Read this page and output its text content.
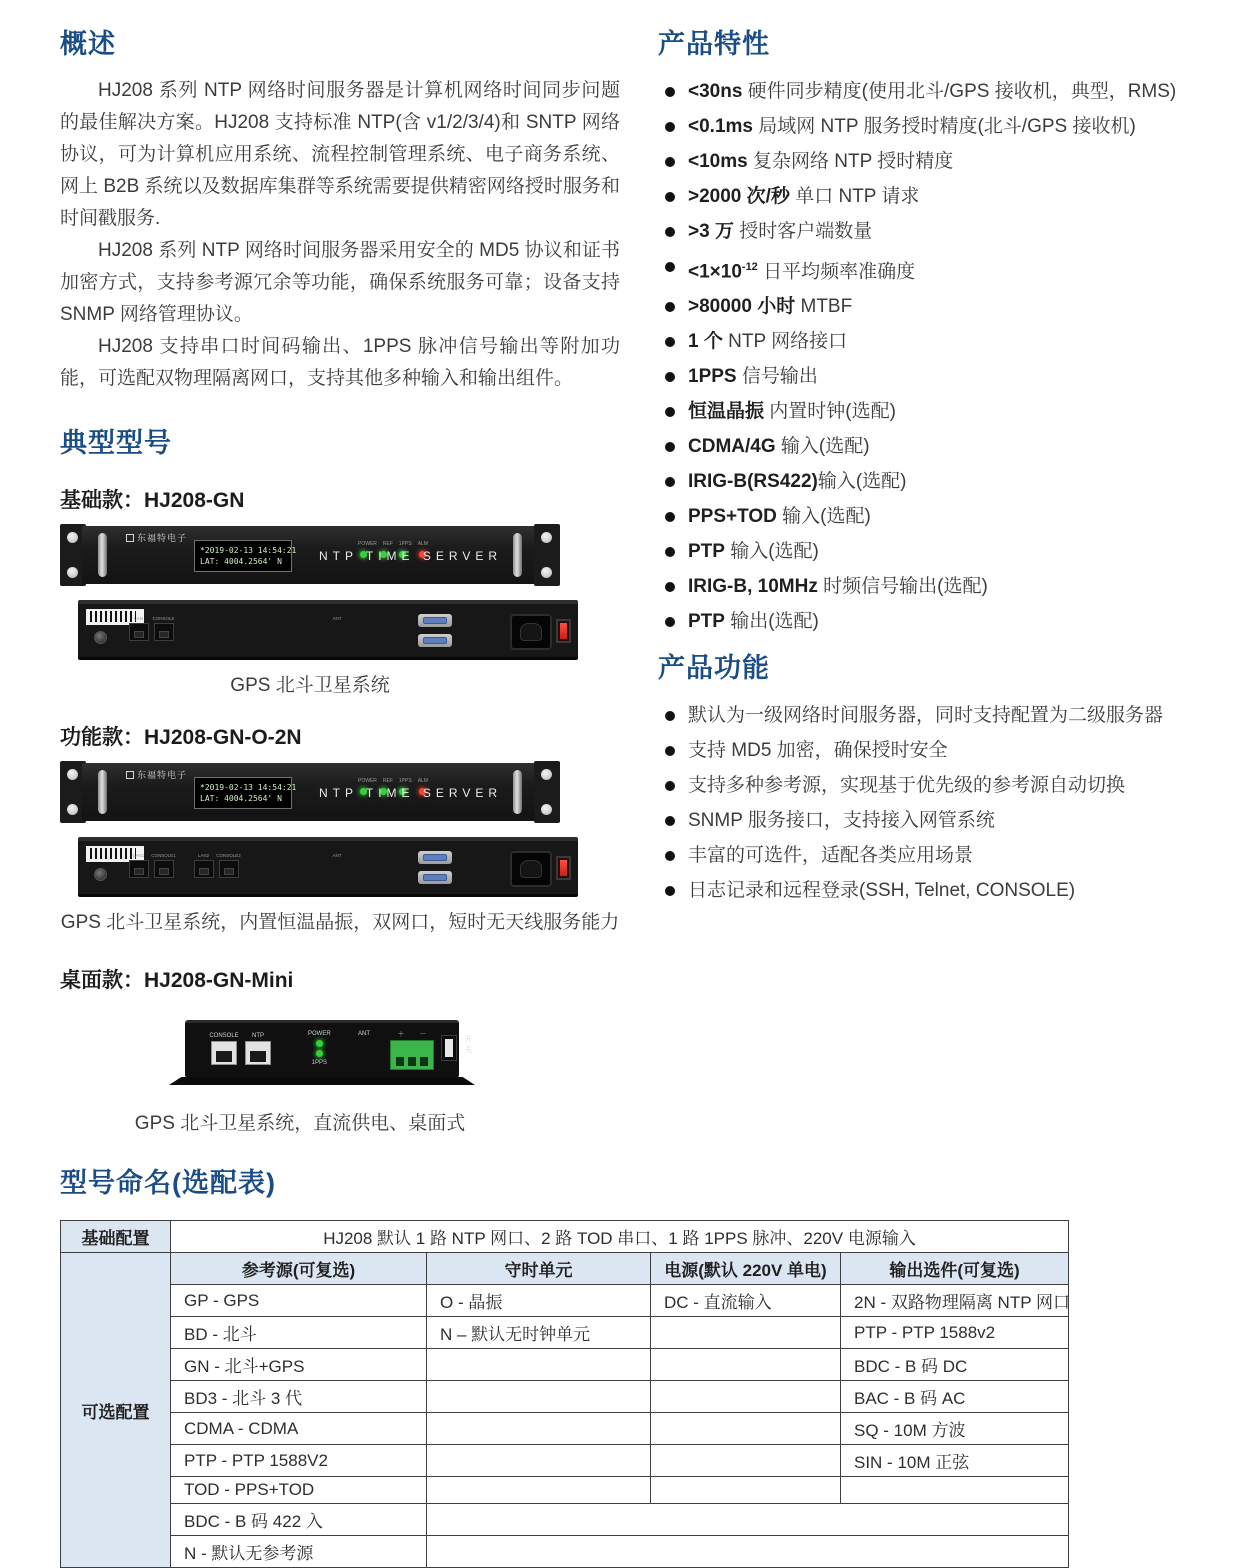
概述

HJ208 系列 NTP 网络时间服务器是计算机网络时间同步问题的最佳解决方案。HJ208 支持标准 NTP(含 v1/2/3/4)和 SNTP 网络协议，可为计算机应用系统、流程控制管理系统、电子商务系统、网上 B2B 系统以及数据库集群等系统需要提供精密网络授时服务和时间戳服务.

HJ208 系列 NTP 网络时间服务器采用安全的 MD5 协议和证书加密方式，支持参考源冗余等功能，确保系统服务可靠；设备支持 SNMP 网络管理协议。

HJ208 支持串口时间码输出、1PPS 脉冲信号输出等附加功能，可选配双物理隔离网口，支持其他多种输入和输出组件。

典型型号
基础款：HJ208-GN
东福特电子
*2019-02-13 14:54:21
LAT: 4004.2564' N
POWER REF 1PPS ALM
NTP TIME SERVER
LAN CONSOLE	ANT

GPS 北斗卫星系统

功能款：HJ208-GN-O-2N
东福特电子
*2019-02-13 14:54:21
LAT: 4004.2564' N
POWER REF 1PPS ALM
NTP TIME SERVER
LAN1 CONSOLE1	LAN2 CONSOLE2	ANT

GPS 北斗卫星系统，内置恒温晶振，双网口，短时无天线服务能力

桌面款：HJ208-GN-Mini
CONSOLE NTP	POWER
1PPS
ANT	＋ －
开关

GPS 北斗卫星系统，直流供电、桌面式

产品特性
<30ns 硬件同步精度(使用北斗/GPS 接收机，典型，RMS)
<0.1ms 局域网 NTP 服务授时精度(北斗/GPS 接收机)
<10ms 复杂网络 NTP 授时精度
>2000 次/秒 单口 NTP 请求
>3 万 授时客户端数量
$<1\times 10^{-12}$ 日平均频率准确度
>80000 小时 MTBF
1 个 NTP 网络接口
1PPS 信号输出
恒温晶振 内置时钟(选配)
CDMA/4G 输入(选配)
IRIG-B(RS422)输入(选配)
PPS+TOD 输入(选配)
PTP 输入(选配)
IRIG-B, 10MHz 时频信号输出(选配)
PTP 输出(选配)
产品功能
默认为一级网络时间服务器，同时支持配置为二级服务器
支持 MD5 加密，确保授时安全
支持多种参考源，实现基于优先级的参考源自动切换
SNMP 服务接口，支持接入网管系统
丰富的可选件，适配各类应用场景
日志记录和远程登录(SSH, Telnet, CONSOLE)
型号命名(选配表)
基础配置	HJ208 默认 1 路 NTP 网口、2 路 TOD 串口、1 路 1PPS 脉冲、220V 电源输入			
可选配置	参考源(可复选)	守时单元	电源(默认 220V 单电)	输出选件(可复选)
	GP - GPS	O - 晶振	DC - 直流输入	2N - 双路物理隔离 NTP 网口
	BD - 北斗	N – 默认无时钟单元		PTP - PTP 1588v2
	GN - 北斗+GPS			BDC - B 码 DC
	BD3 - 北斗 3 代			BAC - B 码 AC
	CDMA - CDMA			SQ - 10M 方波
	PTP - PTP 1588V2			SIN - 10M 正弦
	TOD - PPS+TOD			
	BDC - B 码 422 入			
	N - 默认无参考源			
